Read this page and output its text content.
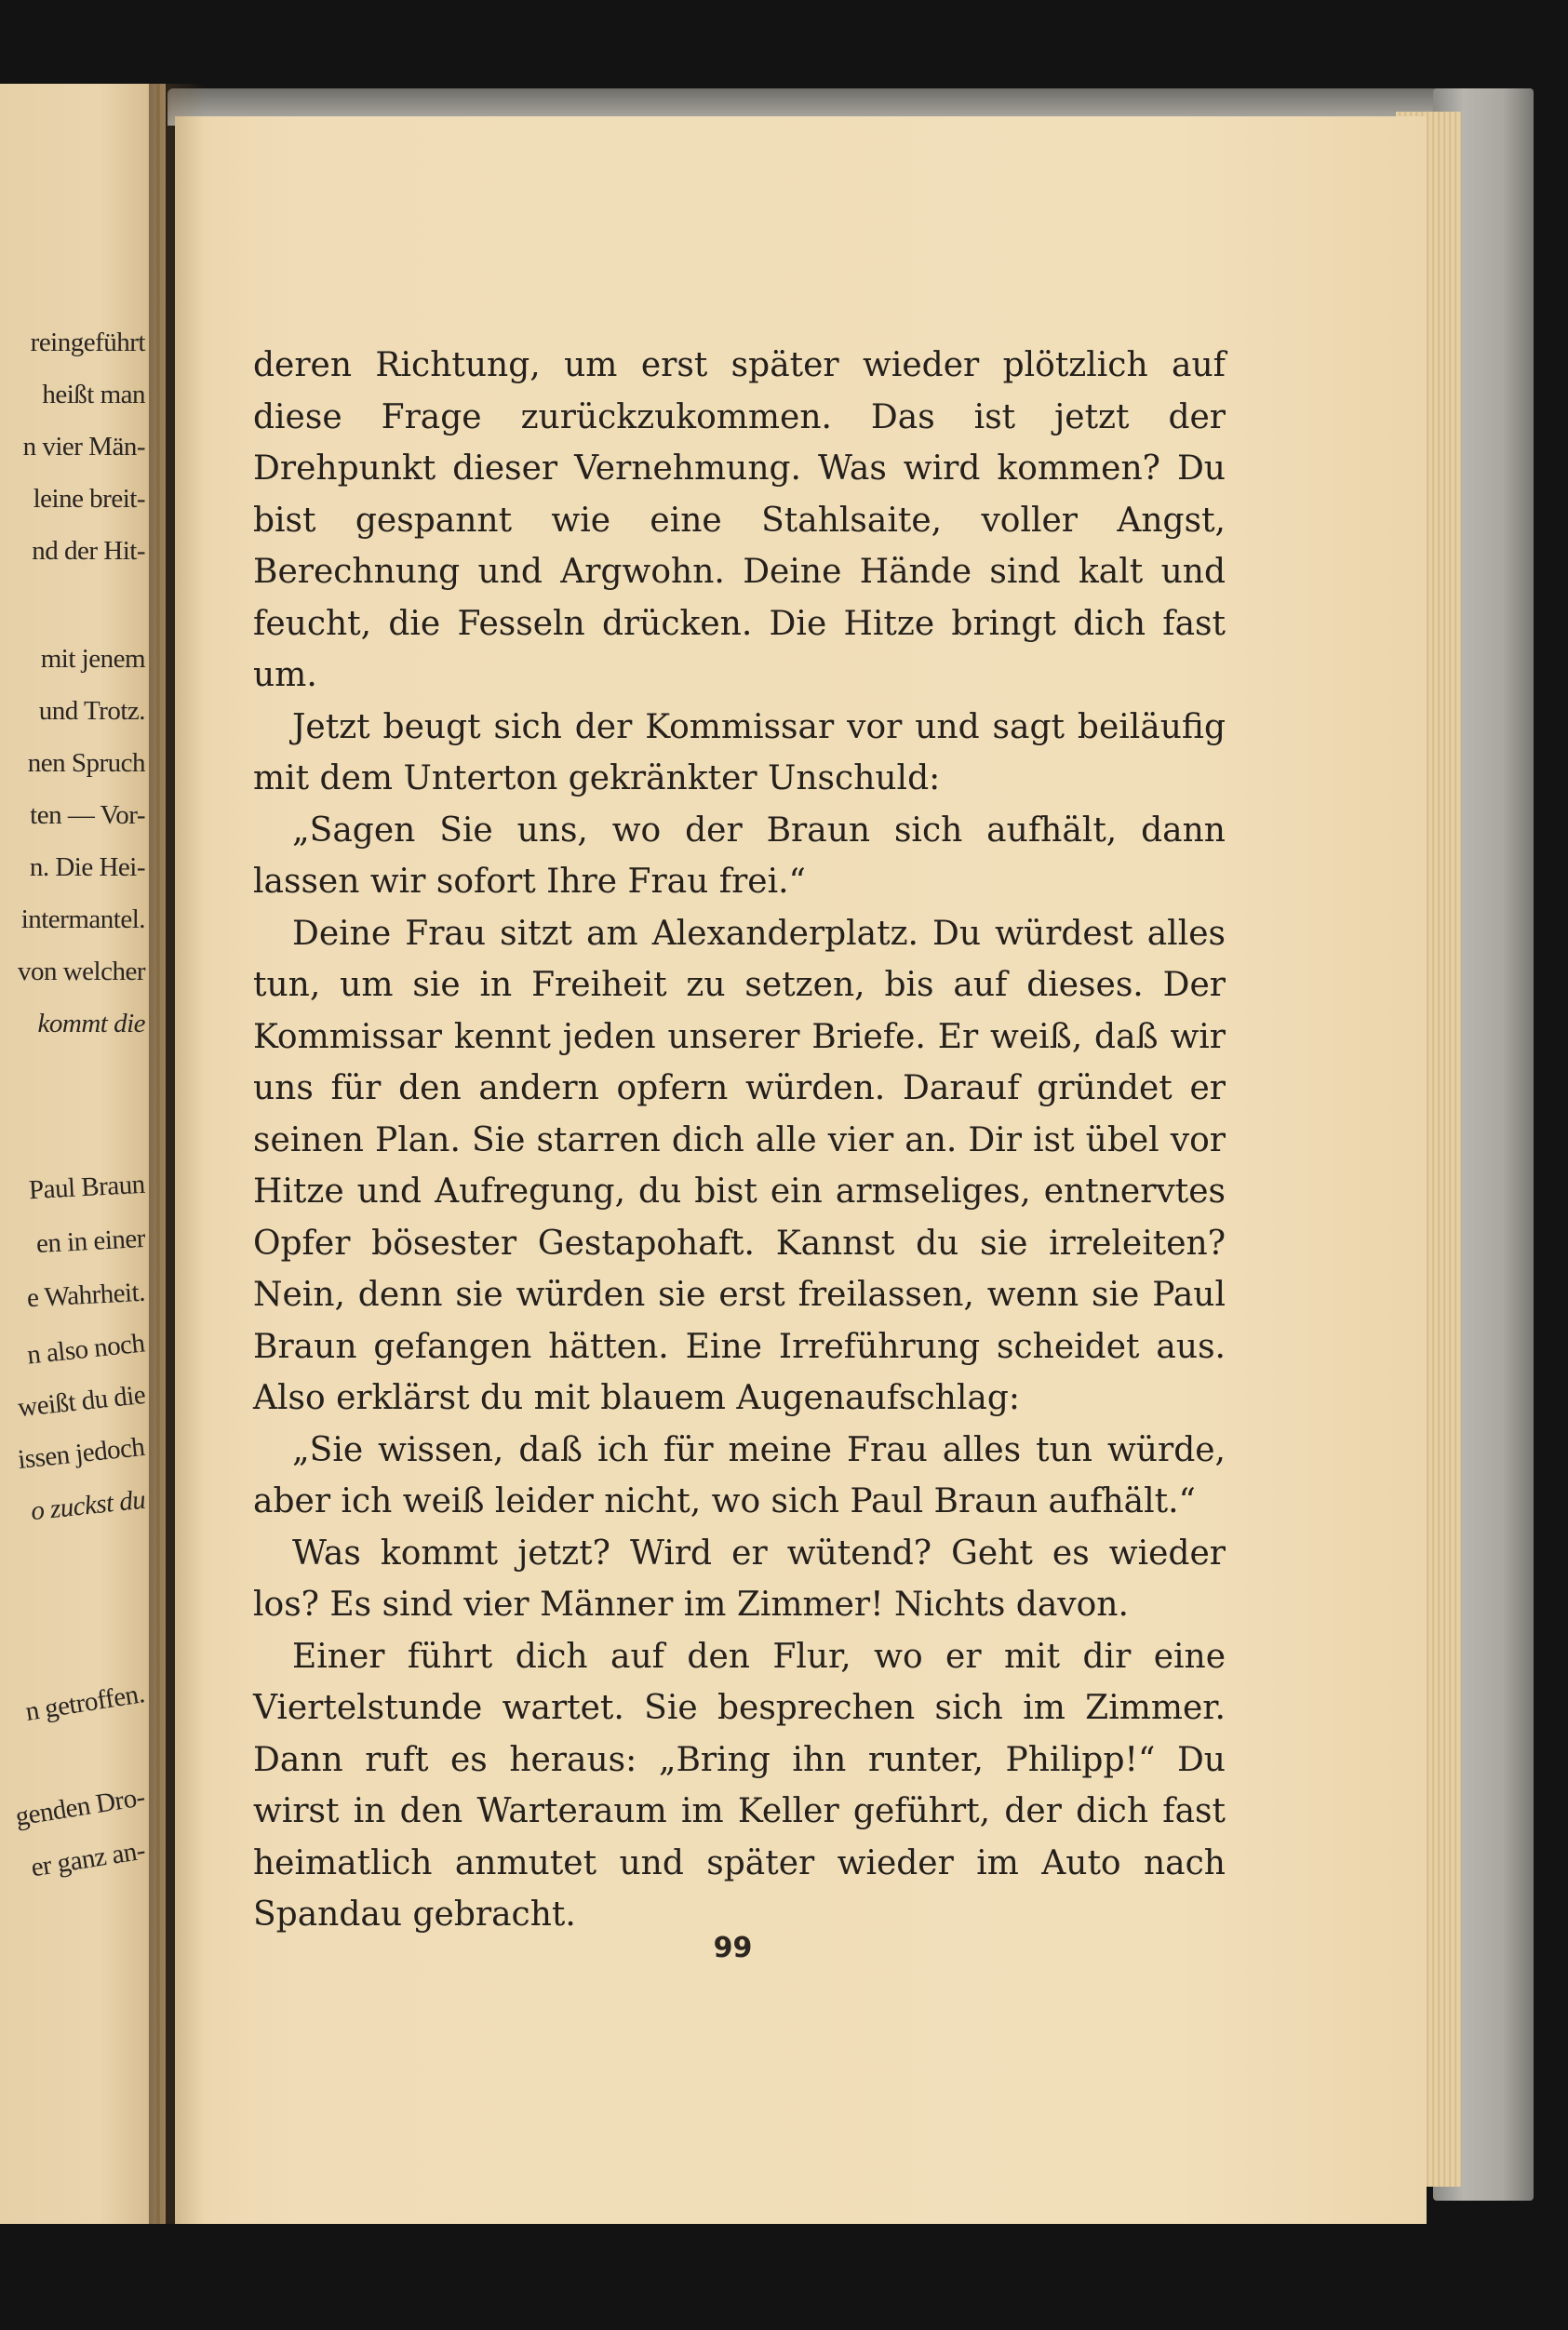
reingeführt
heißt man
n vier Män-
leine breit-
nd der Hit-
mit jenem
und Trotz.
nen Spruch
ten — Vor-
n. Die Hei-
intermantel.
von welcher
kommt die
Paul Braun
en in einer
e Wahrheit.
n also noch
weißt du die
issen jedoch
o zuckst du
n getroffen.
genden Dro-
er ganz an-

deren Richtung, um erst später wieder plötzlich auf diese Frage zurückzukommen. Das ist jetzt der Drehpunkt dieser Vernehmung. Was wird kommen? Du bist gespannt wie eine Stahlsaite, voller Angst, Berechnung und Argwohn. Deine Hände sind kalt und feucht, die Fesseln drücken. Die Hitze bringt dich fast um.

Jetzt beugt sich der Kommissar vor und sagt beiläufig mit dem Unterton gekränkter Unschuld:

„Sagen Sie uns, wo der Braun sich aufhält, dann lassen wir sofort Ihre Frau frei.“

Deine Frau sitzt am Alexanderplatz. Du würdest alles tun, um sie in Freiheit zu setzen, bis auf dieses. Der Kommissar kennt jeden unserer Briefe. Er weiß, daß wir uns für den andern opfern würden. Darauf gründet er seinen Plan. Sie starren dich alle vier an. Dir ist übel vor Hitze und Aufregung, du bist ein armseliges, entnervtes Opfer bösester Gestapohaft. Kannst du sie irreleiten? Nein, denn sie würden sie erst freilassen, wenn sie Paul Braun gefangen hätten. Eine Irreführung scheidet aus. Also erklärst du mit blauem Augenaufschlag:

„Sie wissen, daß ich für meine Frau alles tun würde, aber ich weiß leider nicht, wo sich Paul Braun aufhält.“

Was kommt jetzt? Wird er wütend? Geht es wieder los? Es sind vier Männer im Zimmer! Nichts davon.

Einer führt dich auf den Flur, wo er mit dir eine Viertelstunde wartet. Sie besprechen sich im Zimmer. Dann ruft es heraus: „Bring ihn runter, Philipp!“ Du wirst in den Warteraum im Keller geführt, der dich fast heimatlich anmutet und später wieder im Auto nach Spandau gebracht.

99
